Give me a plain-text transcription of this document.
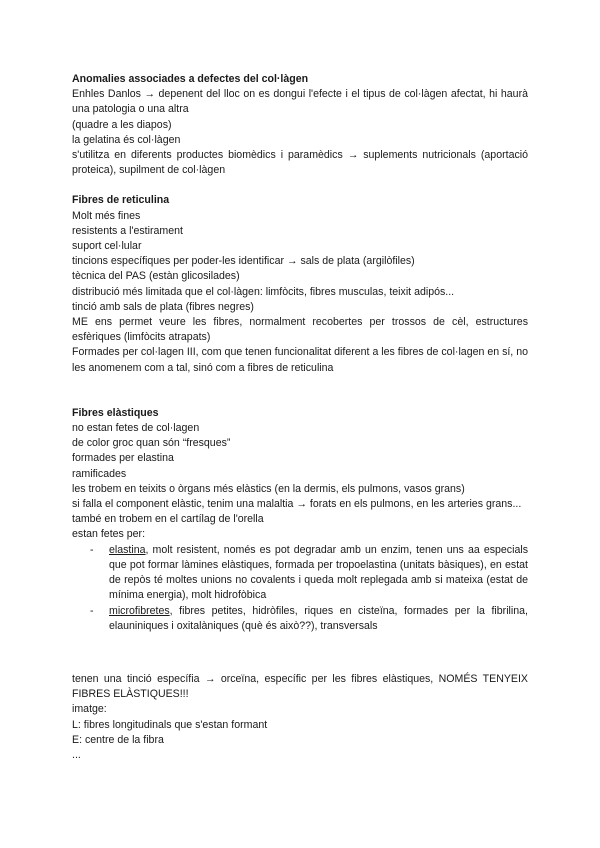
Anomalies associades a defectes del col·làgen

Enhles Danlos → depenent del lloc on es dongui l'efecte i el tipus de col·làgen afectat, hi haurà una patologia o una altra

(quadre a les diapos)

la gelatina és col·làgen

s'utilitza en diferents productes biomèdics i paramèdics → suplements nutricionals (aportació proteica), supilment de col·làgen

Fibres de reticulina

Molt més fines

resistents a l'estirament

suport cel·lular

tincions específiques per poder-les identificar → sals de plata (argilòfiles)

tècnica del PAS (estàn glicosilades)

distribució més limitada que el col·làgen: limfòcits, fibres musculas, teixit adipós...

tinció amb sals de plata (fibres negres)

ME ens permet veure les fibres, normalment recobertes per trossos de cèl, estructures esfèriques (limfòcits atrapats)

Formades per col·lagen III, com que tenen funcionalitat diferent a les fibres de col·lagen en sí, no les anomenem com a tal, sinó com a fibres de reticulina

Fibres elàstiques

no estan fetes de col·lagen

de color groc quan són “fresques”

formades per elastina

ramificades

les trobem en teixits o òrgans més elàstics (en la dermis, els pulmons, vasos grans)

si falla el component elàstic, tenim una malaltia → forats en els pulmons, en les arteries grans...

també en trobem en el cartílag de l'orella

estan fetes per:

- elastina, molt resistent, només es pot degradar amb un enzim, tenen uns aa especials que pot formar làmines elàstiques, formada per tropoelastina (unitats bàsiques), en estat de repòs té moltes unions no covalents i queda molt replegada amb si mateixa (estat de mínima energia), molt hidrofòbica
- microfibretes, fibres petites, hidròfiles, riques en cisteïna, formades per la fibrilina, elauniniques i oxitalàniques (què és això??), transversals

tenen una tinció específia → orceïna, específic per les fibres elàstiques, NOMÉS TENYEIX FIBRES ELÀSTIQUES!!!

imatge:

L: fibres longitudinals que s'estan formant

E: centre de la fibra

...
